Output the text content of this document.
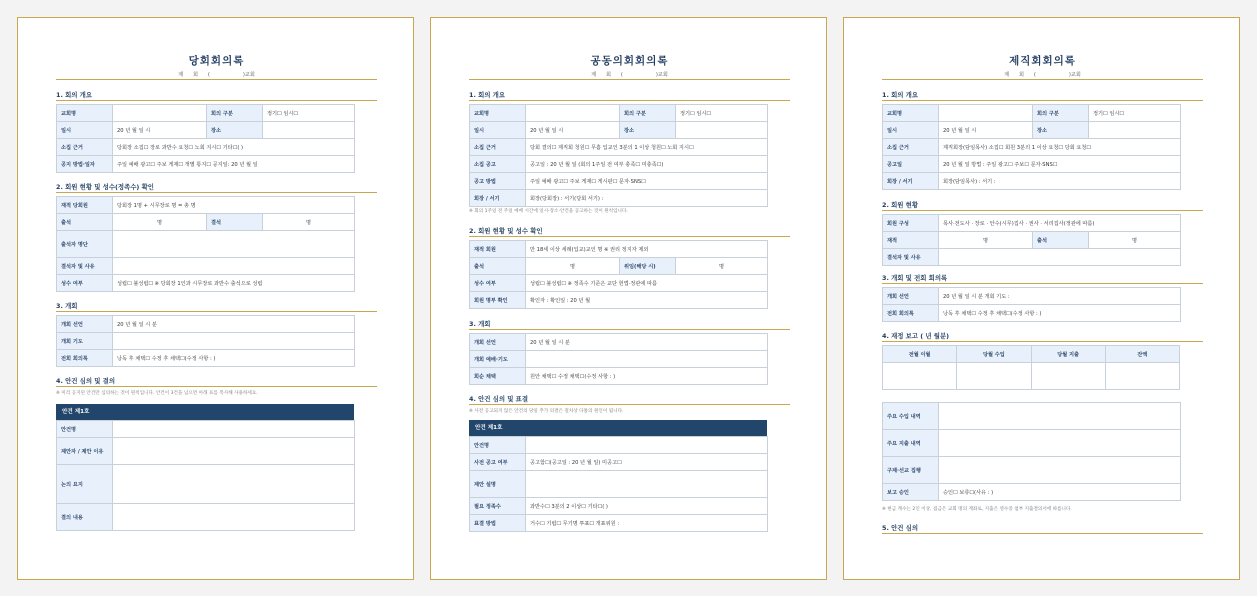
당회회의록
제      회      (                    )교회
1. 회의 개요
교회명		회의 구분	정기☐ 임시☐
일시	20 년 월 일 시	장소	
소집 근거	당회장 소집☐ 장로 과반수 요청☐ 노회 지시☐ 기타☐( )		
공지 방법·일자	주일 예배 광고☐ 주보 게재☐ 개별 통지☐ 공지일: 20 년 월 일		
2. 회원 현황 및 성수(정족수) 확인
재적 당회원	당회장 1명 + 시무장로 명 = 총 명		
출석	명	결석	명
출석자 명단			
결석자 및 사유			
성수 여부	성립☐ 불성립☐ ※ 당회장 1인과 시무장로 과반수 출석으로 성립		
3. 개회
개회 선언	20 년 월 일 시 분
개회 기도	
전회 회의록	낭독 후 채택☐ 수정 후 채택☐(수정 사항 : )
4. 안건 심의 및 결의
※ 미리 공지된 안건만 심의하는 것이 원칙입니다. 안건이 3건을 넘으면 아래 표를 복사해 사용하세요.
안건 제1호
안건명	
제안자 / 제안 이유	
논의 요지	
결의 내용	
공동의회회의록
제      회      (                    )교회
1. 회의 개요
교회명		회의 구분	정기☐ 임시☐
일시	20 년 월 일 시	장소	
소집 근거	당회 결의☐ 제직회 청원☐ 무흠 입교인 3분의 1 이상 청원☐ 노회 지시☐		
소집 공고	공고일 : 20 년 월 일 (회의 1주일 전 여부 충족☐ 미충족☐)		
공고 방법	주일 예배 광고☐ 주보 게재☐ 게시판☐ 문자·SNS☐		
회장 / 서기	회장(당회장) : 서기(당회 서기) :		
※ 회의 1주일 전 주일 예배 시간에 일시·장소·안건을 공고하는 것이 원칙입니다.
2. 회원 현황 및 성수 확인
재적 회원	만 18세 이상 세례(입교)교인 명 ※ 권리 정지자 제외		
출석	명	위임(해당 시)	명
성수 여부	성립☐ 불성립☐ ※ 정족수 기준은 교단 헌법·정관에 따름		
회원 명부 확인	확인자 : 확인일 : 20 년 월		
3. 개회
개회 선언	20 년 월 일 시 분
개회 예배·기도	
회순 채택	원안 채택☐ 수정 채택☐(수정 사항 : )
4. 안건 심의 및 표결
※ 사전 공고되지 않은 안건의 당일 추가 의결은 절차상 다툼의 원인이 됩니다.
안건 제1호
안건명	
사전 공고 여부	공고함☐(공고일 : 20 년 월 일) 미공고☐
제안 설명	
필요 정족수	과반수☐ 3분의 2 이상☐ 기타☐( )
표결 방법	거수☐ 기립☐ 무기명 투표☐ 개표위원 :
제직회회의록
제      회      (                    )교회
1. 회의 개요
교회명		회의 구분	정기☐ 임시☐
일시	20 년 월 일 시	장소	
소집 근거	제직회장(담임목사) 소집☐ 회원 3분의 1 이상 요청☐ 당회 요청☐		
공고일	20 년 월 일 방법 : 주일 광고☐ 주보☐ 문자·SNS☐		
회장 / 서기	회장(담임목사) : 서기 :		
2. 회원 현황
회원 구성	목사·전도사 · 장로 · 안수(시무)집사 · 권사 · 서리집사(정관에 따름)		
재적	명	출석	명
결석자 및 사유			
3. 개회 및 전회 회의록
개회 선언	20 년 월 일 시 분 개회 기도 :
전회 회의록	낭독 후 채택☐ 수정 후 채택☐(수정 사항 : )
4. 재정 보고 ( 년 월분)
전월 이월	당월 수입	당월 지출	잔액

주요 수입 내역	
주요 지출 내역	
구제·선교 집행	
보고 승인	승인☐ 보류☐(사유 : )
※ 현금 계수는 2인 이상, 집금은 교회 명의 계좌로, 지출은 영수증 첨부 지출결의서에 따릅니다.
5. 안건 심의
